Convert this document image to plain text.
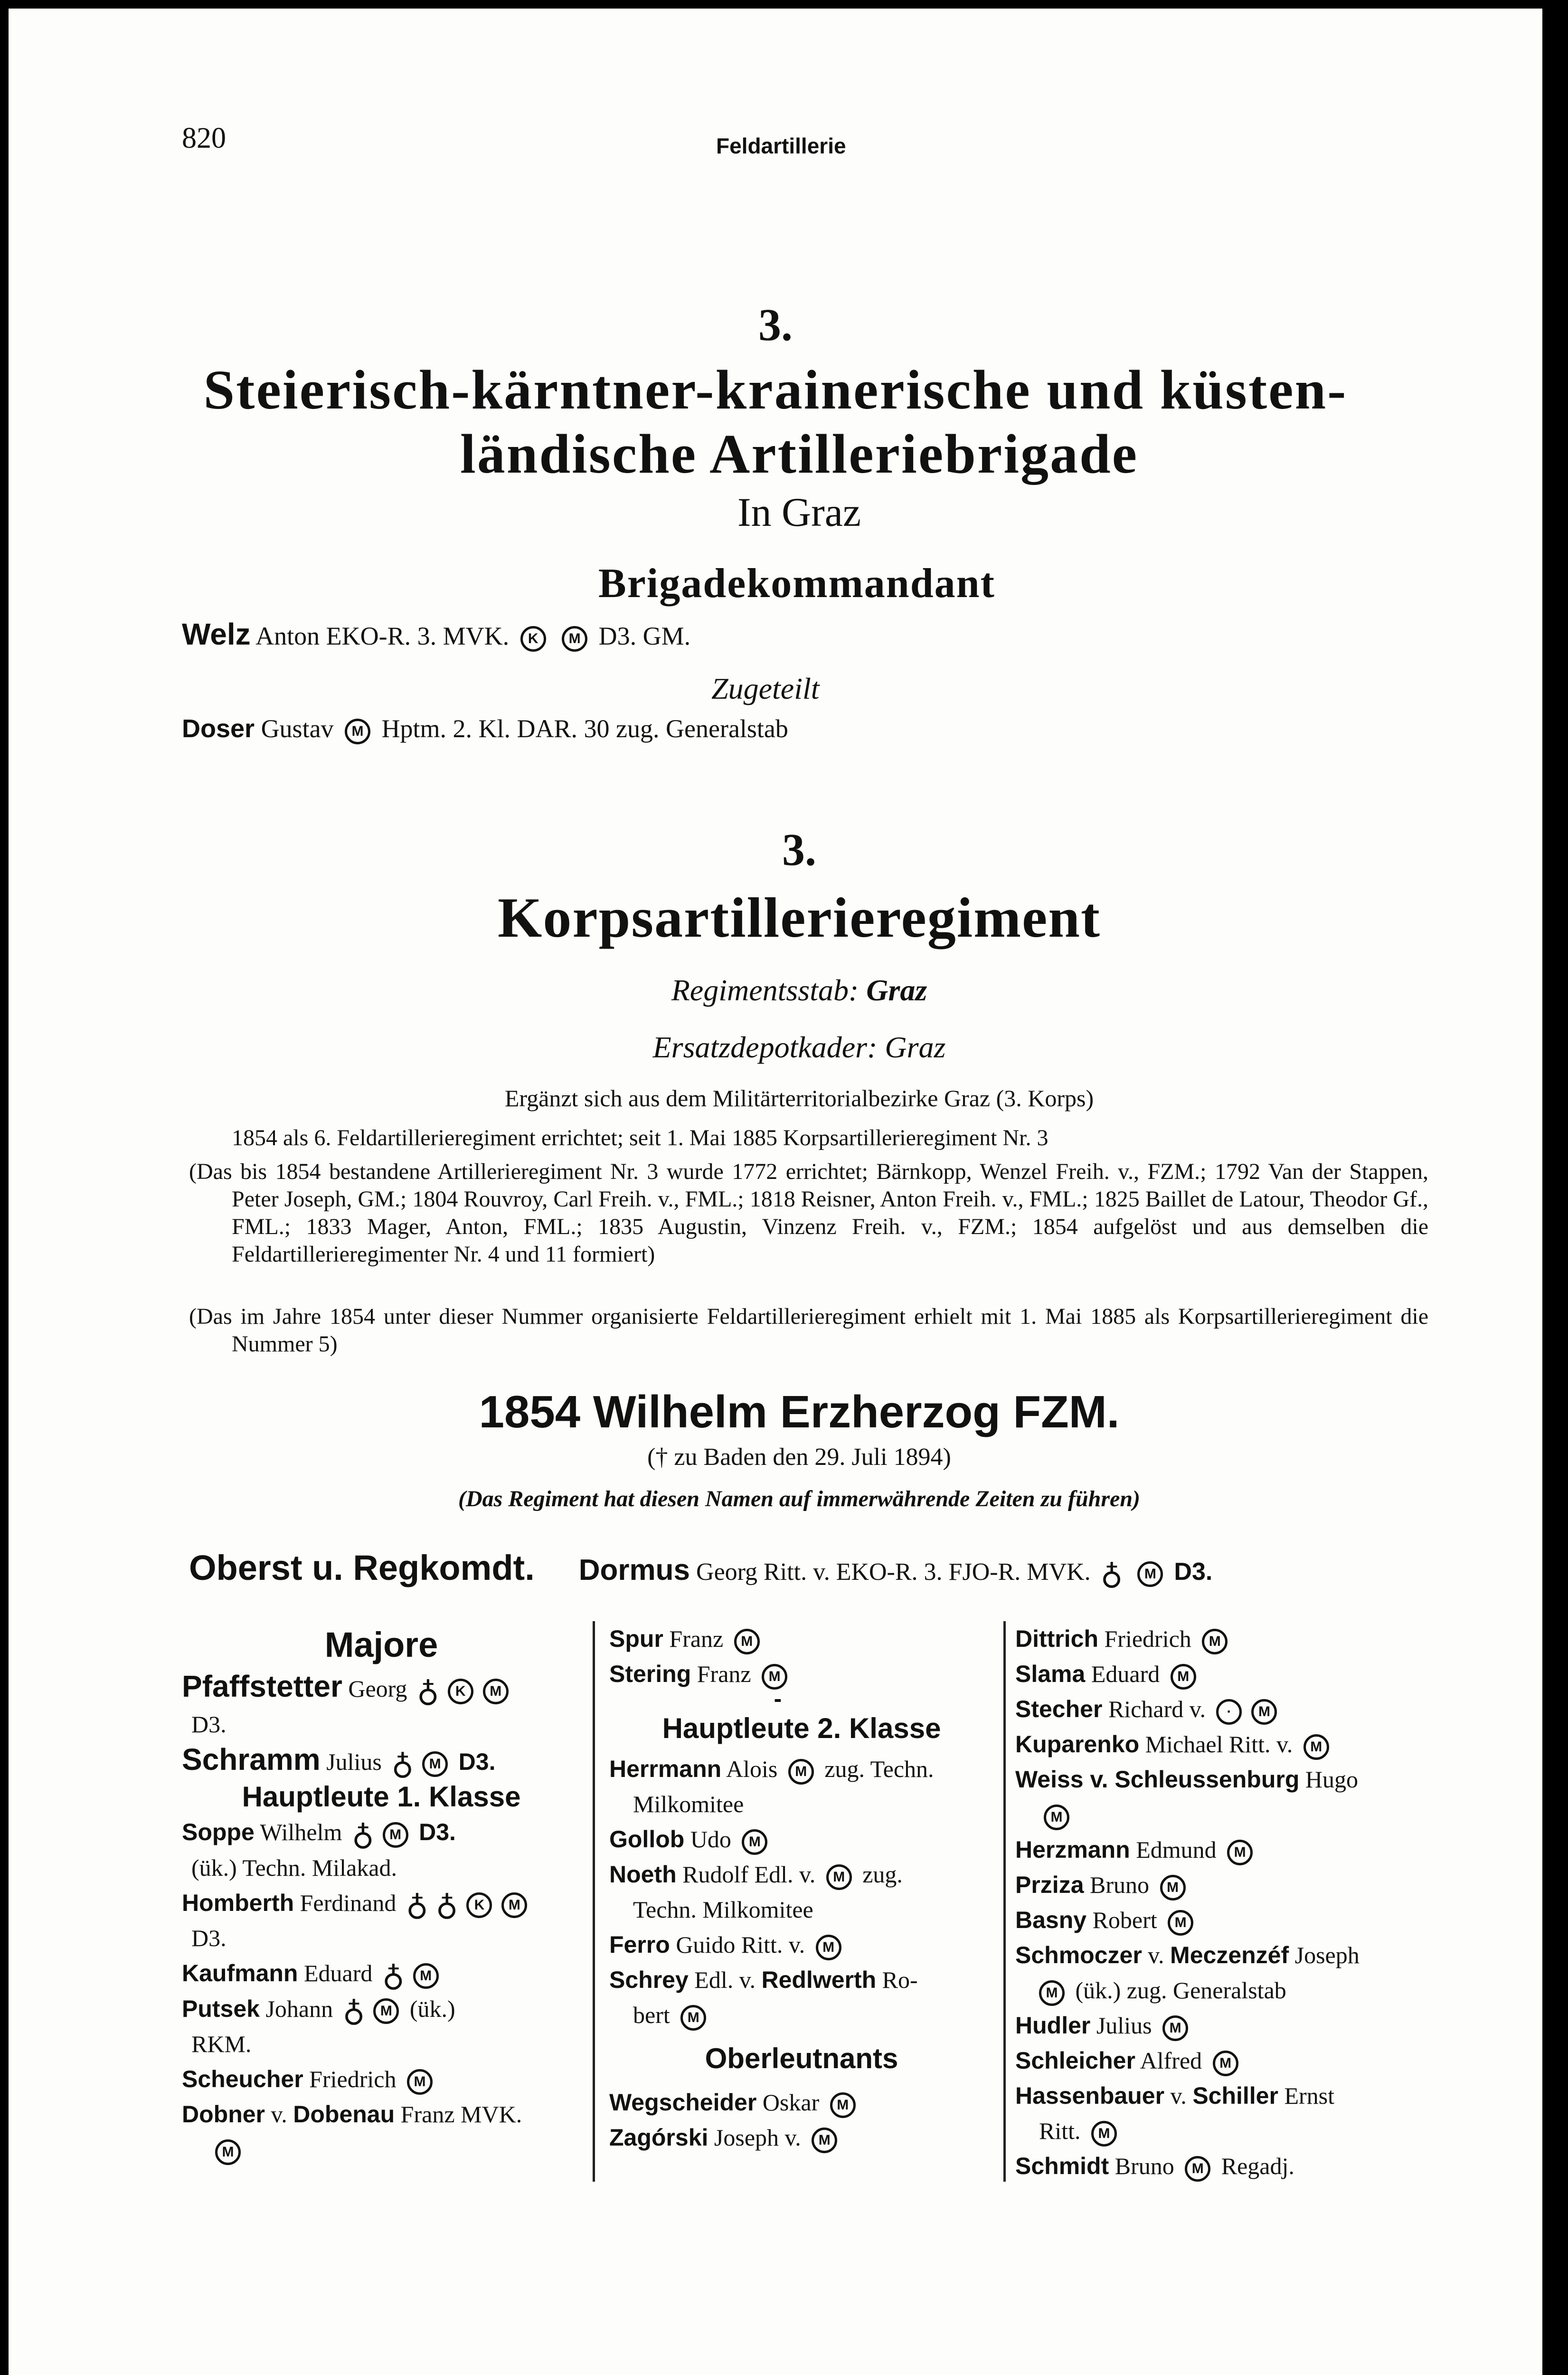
820	Feldartillerie
3.
Steierisch-kärntner-krainerische und küsten-
ländische Artilleriebrigade
In Graz
Brigadekommandant
Welz Anton EKO-R. 3. MVK. K M D3. GM.
Zugeteilt
Doser Gustav M Hptm. 2. Kl. DAR. 30 zug. Generalstab
3.
Korpsartillerieregiment
Regimentsstab: Graz
Ersatzdepotkader: Graz
Ergänzt sich aus dem Militärterritorialbezirke Graz (3. Korps)
1854 als 6. Feldartillerieregiment errichtet; seit 1. Mai 1885 Korpsartillerieregiment Nr. 3

(Das bis 1854 bestandene Artillerieregiment Nr. 3 wurde 1772 errichtet; Bärnkopp, Wenzel Freih. v., FZM.; 1792 Van der Stappen, Peter Joseph, GM.; 1804 Rouvroy, Carl Freih. v., FML.; 1818 Reisner, Anton Freih. v., FML.; 1825 Baillet de Latour, Theodor Gf., FML.; 1833 Mager, Anton, FML.; 1835 Augustin, Vinzenz Freih. v., FZM.; 1854 aufgelöst und aus demselben die Feldartillerieregimenter Nr. 4 und 11 formiert)

(Das im Jahre 1854 unter dieser Nummer organisierte Feldartillerieregiment erhielt mit 1. Mai 1885 als Korpsartillerieregiment die Nummer 5)

1854 Wilhelm Erzherzog FZM.
(† zu Baden den 29. Juli 1894)
(Das Regiment hat diesen Namen auf immerwährende Zeiten zu führen)
Oberst u. Regkomdt. Dormus Georg Ritt. v. EKO-R. 3. FJO-R. MVK. ♁ M D3.
Majore
Pfaffstetter Georg ♁ K M
D3.
Schramm Julius ♁ M D3.
Hauptleute 1. Klasse
Soppe Wilhelm ♁ M D3.
(ük.) Techn. Milakad.
Homberth Ferdinand ♁ ♁ K M
D3.
Kaufmann Eduard ♁ M
Putsek Johann ♁ M (ük.)
RKM.
Scheucher Friedrich M
Dobner v. Dobenau Franz MVK.
M
Spur Franz M
Stering Franz M
-
Hauptleute 2. Klasse
Herrmann Alois M zug. Techn.
Milkomitee
Gollob Udo M
Noeth Rudolf Edl. v. M zug.
Techn. Milkomitee
Ferro Guido Ritt. v. M
Schrey Edl. v. Redlwerth Ro-
bert M
Oberleutnants
Wegscheider Oskar M
Zagórski Joseph v. M
Dittrich Friedrich M
Slama Eduard M
Stecher Richard v. · M
Kuparenko Michael Ritt. v. M
Weiss v. Schleussenburg Hugo
M
Herzmann Edmund M
Prziza Bruno M
Basny Robert M
Schmoczer v. Meczenzéf Joseph
M (ük.) zug. Generalstab
Hudler Julius M
Schleicher Alfred M
Hassenbauer v. Schiller Ernst
Ritt. M
Schmidt Bruno M Regadj.
